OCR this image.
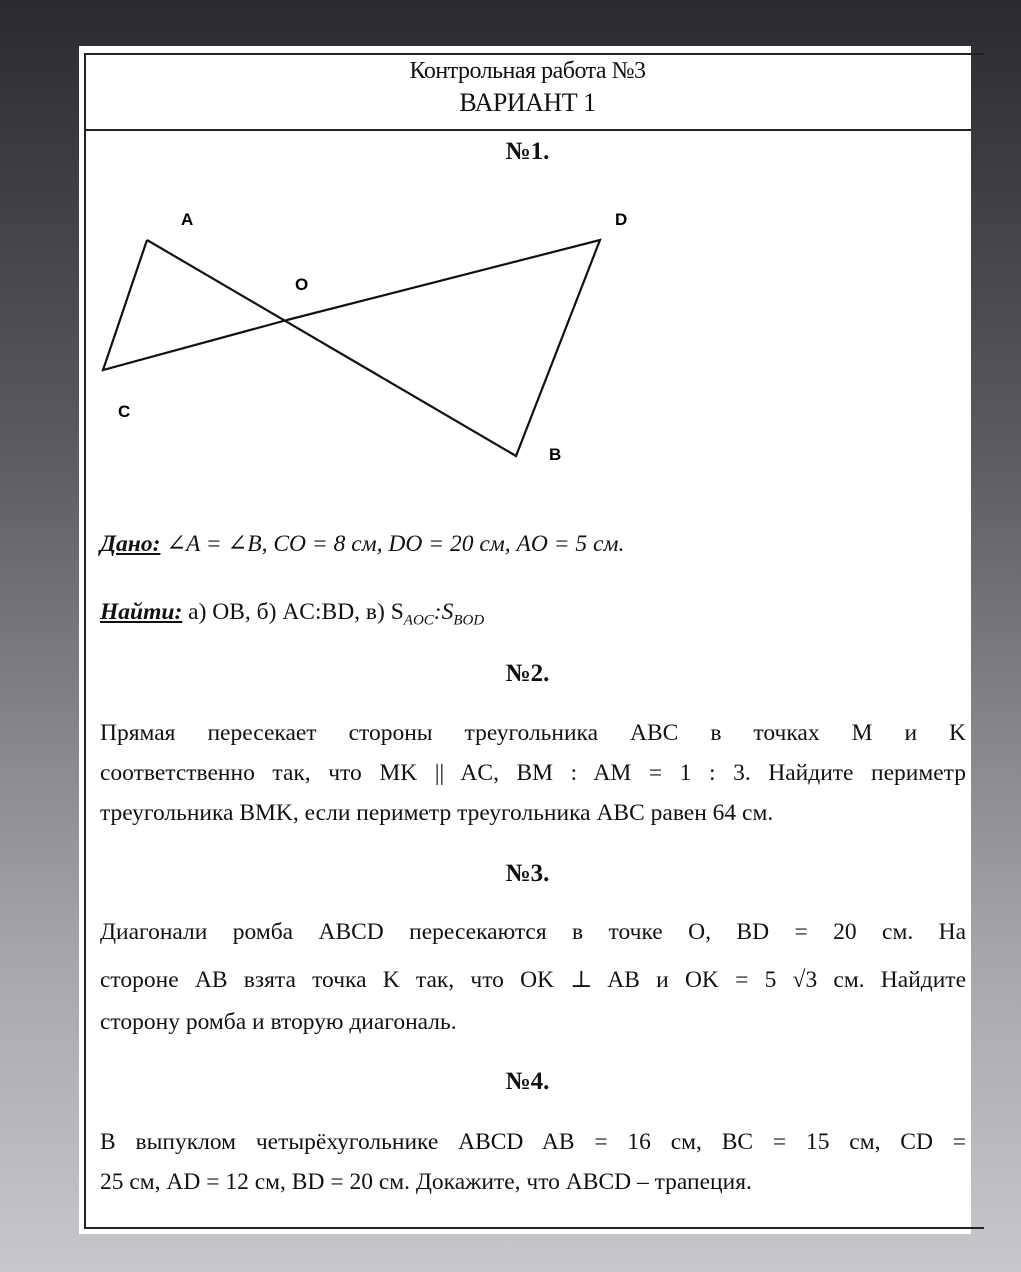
Контрольная работа №3
ВАРИАНТ 1
№1.
A	D
O
C
B
Дано: ∠A = ∠B, CO = 8 см, DO = 20 см, AO = 5 см.
Найти: а) OB, б) AC:BD, в) $S_{AOC}:S_{BOD}$
№2.
Прямая пересекает стороны треугольника ABC в точках M и K
соответственно так, что MK || AC, BM : AM = 1 : 3. Найдите периметр
треугольника BMK, если периметр треугольника ABC равен 64 см.
№3.
Диагонали ромба ABCD пересекаются в точке O, BD = 20 см. На
стороне AB взята точка K так, что OK ⊥ AB и OK = 5 √3 см. Найдите
сторону ромба и вторую диагональ.
№4.
В выпуклом четырёхугольнике ABCD AB = 16 см, BC = 15 см, CD =
25 см, AD = 12 см, BD = 20 см. Докажите, что ABCD – трапеция.
